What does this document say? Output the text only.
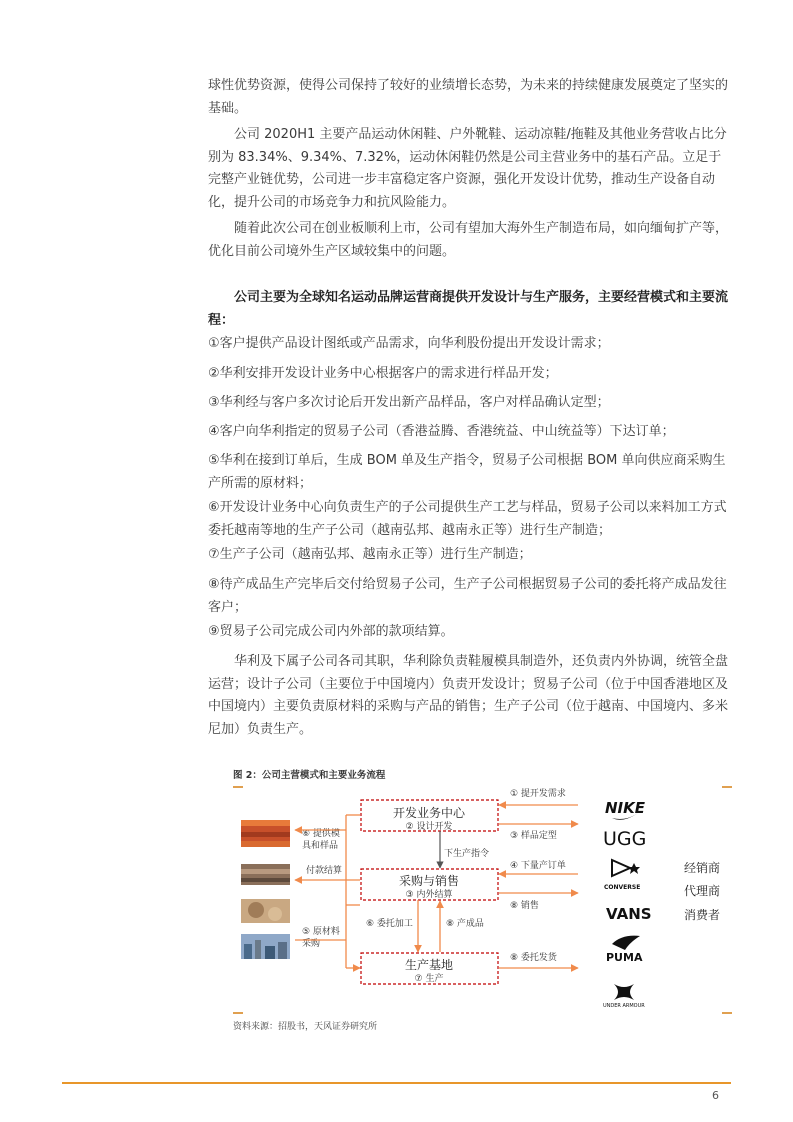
球性优势资源，使得公司保持了较好的业绩增长态势，为未来的持续健康发展奠定了坚实的基础。

公司 2020H1 主要产品运动休闲鞋、户外靴鞋、运动凉鞋/拖鞋及其他业务营收占比分别为 83.34%、9.34%、7.32%，运动休闲鞋仍然是公司主营业务中的基石产品。立足于完整产业链优势，公司进一步丰富稳定客户资源，强化开发设计优势，推动生产设备自动化，提升公司的市场竞争力和抗风险能力。

随着此次公司在创业板顺利上市，公司有望加大海外生产制造布局，如向缅甸扩产等，优化目前公司境外生产区域较集中的问题。

公司主要为全球知名运动品牌运营商提供开发设计与生产服务，主要经营模式和主要流程：

①客户提供产品设计图纸或产品需求，向华利股份提出开发设计需求；

②华利安排开发设计业务中心根据客户的需求进行样品开发；

③华利经与客户多次讨论后开发出新产品样品，客户对样品确认定型；

④客户向华利指定的贸易子公司（香港益腾、香港统益、中山统益等）下达订单；

⑤华利在接到订单后，生成 BOM 单及生产指令，贸易子公司根据 BOM 单向供应商采购生产所需的原材料；

⑥开发设计业务中心向负责生产的子公司提供生产工艺与样品，贸易子公司以来料加工方式委托越南等地的生产子公司（越南弘邦、越南永正等）进行生产制造；

⑦生产子公司（越南弘邦、越南永正等）进行生产制造；

⑧待产成品生产完毕后交付给贸易子公司，生产子公司根据贸易子公司的委托将产成品发往客户；

⑨贸易子公司完成公司内外部的款项结算。

华利及下属子公司各司其职，华利除负责鞋履模具制造外，还负责内外协调，统管全盘运营；设计子公司（主要位于中国境内）负责开发设计；贸易子公司（位于中国香港地区及中国境内）主要负责原材料的采购与产品的销售；生产子公司（位于越南、中国境内、多米尼加）负责生产。

图 2：公司主营模式和主要业务流程
⑥ 提供模
具和样品
付款结算
⑤ 原材料
采购
开发业务中心
② 设计开发
采购与销售
③ 内外结算
生产基地
⑦ 生产
下生产指令
⑥ 委托加工	⑧ 产成品
① 提开发需求
③ 样品定型
④ 下量产订单
⑧ 销售
⑧ 委托发货
NIKE
UGG
CONVERSE
VANS
PUMA
UNDER ARMOUR
经销商
代理商
消费者
资料来源：招股书，天风证券研究所
6
